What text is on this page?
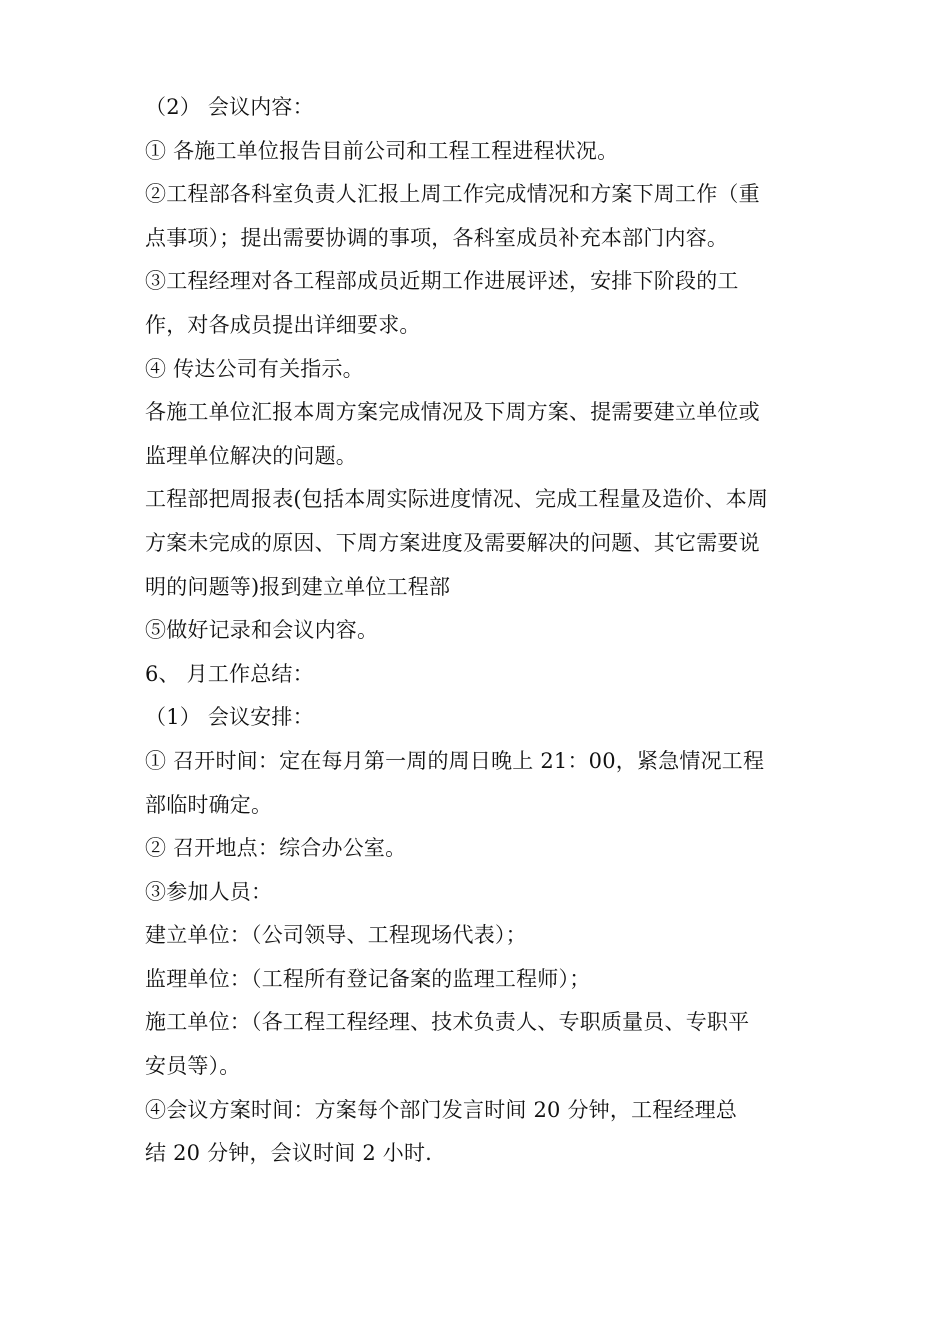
（2） 会议内容：
① 各施工单位报告目前公司和工程工程进程状况。
②工程部各科室负责人汇报上周工作完成情况和方案下周工作（重
点事项）；提出需要协调的事项，各科室成员补充本部门内容。
③工程经理对各工程部成员近期工作进展评述，安排下阶段的工
作，对各成员提出详细要求。
④ 传达公司有关指示。
各施工单位汇报本周方案完成情况及下周方案、提需要建立单位或
监理单位解决的问题。
工程部把周报表(包括本周实际进度情况、完成工程量及造价、本周
方案未完成的原因、下周方案进度及需要解决的问题、其它需要说
明的问题等)报到建立单位工程部
⑤做好记录和会议内容。
6、 月工作总结：
（1） 会议安排：
① 召开时间：定在每月第一周的周日晚上 21：00，紧急情况工程
部临时确定。
② 召开地点：综合办公室。
③参加人员：
建立单位：（公司领导、工程现场代表）；
监理单位：（工程所有登记备案的监理工程师）；
施工单位：（各工程工程经理、技术负责人、专职质量员、专职平
安员等）。
④会议方案时间：方案每个部门发言时间 20 分钟，工程经理总
结 20 分钟，会议时间 2 小时.
